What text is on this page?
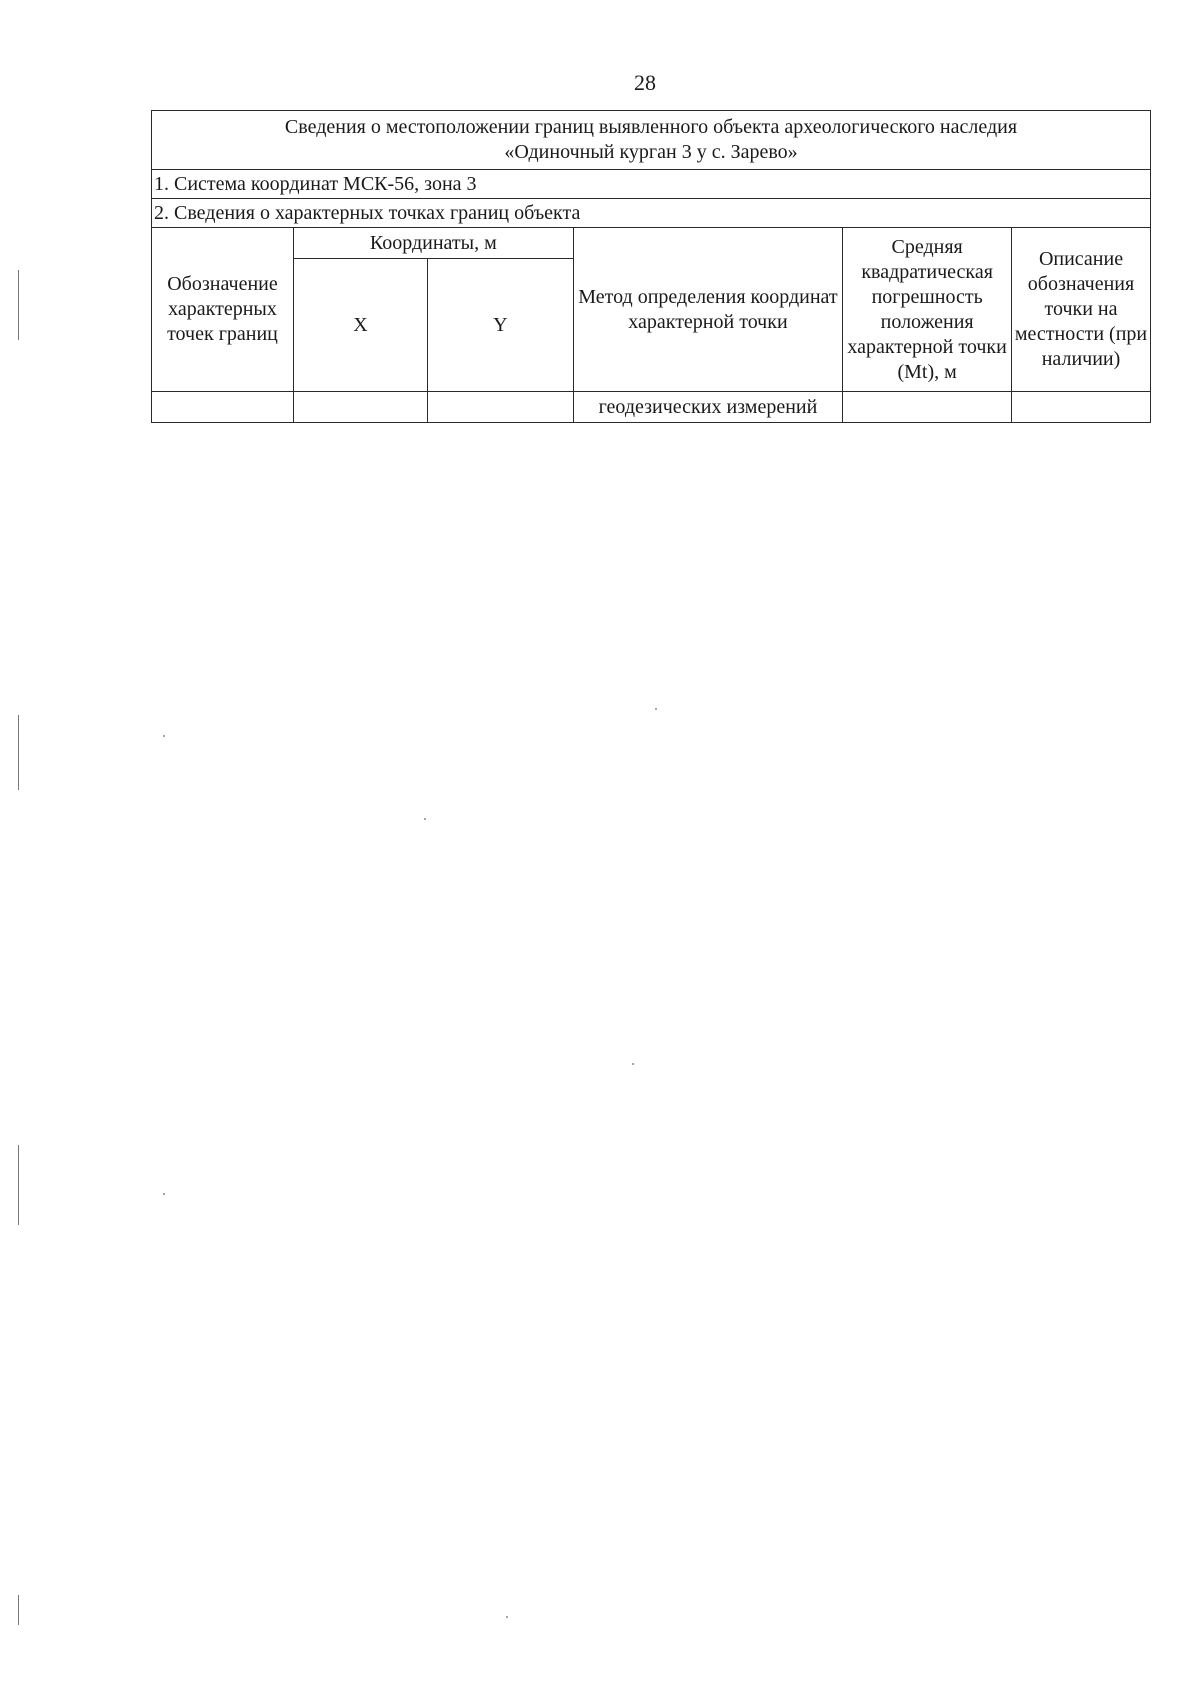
28
Сведения о местоположении границ выявленного объекта археологического наследия
«Одиночный курган 3 у с. Зарево»					

1. Система координат МСК-56, зона 3					
2. Сведения о характерных точках границ объекта					
Обозначение характерных точек границ	Координаты, м		Метод определения координат характерной точки	Средняя квадратическая погрешность положения характерной точки (Mt), м	Описание обозначения точки на местности (при наличии)
	X	Y			
			геодезических измерений		
